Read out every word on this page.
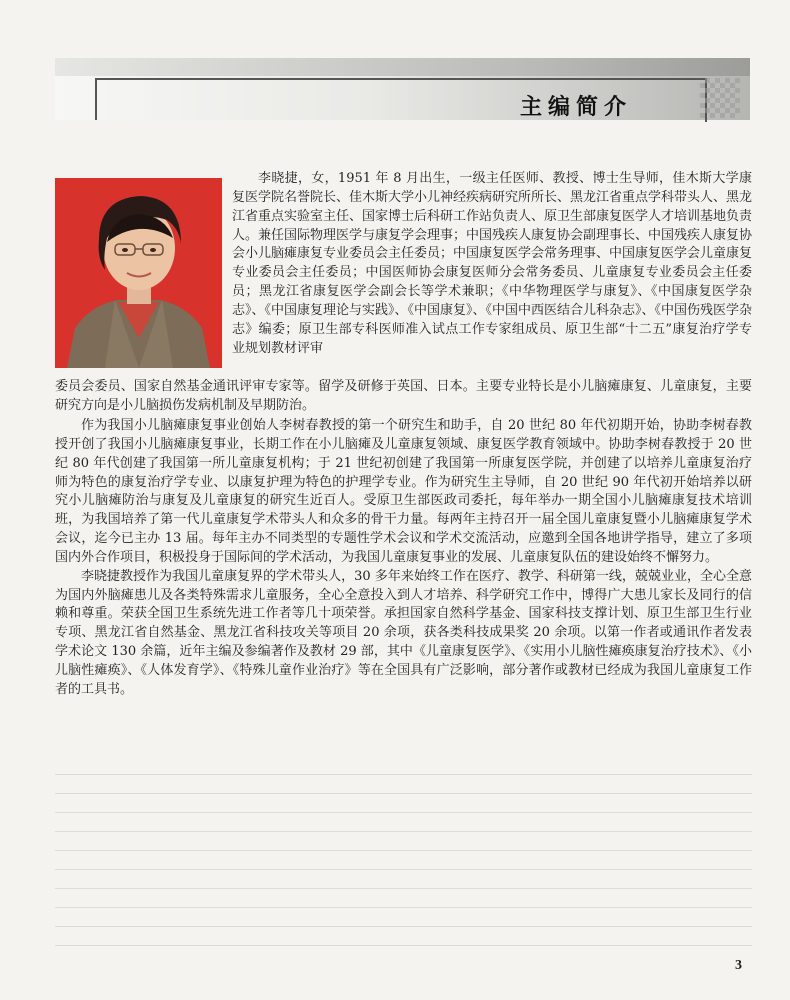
主编简介

李晓捷，女，1951 年 8 月出生，一级主任医师、教授、博士生导师，佳木斯大学康复医学院名誉院长、佳木斯大学小儿神经疾病研究所所长、黑龙江省重点学科带头人、黑龙江省重点实验室主任、国家博士后科研工作站负责人、原卫生部康复医学人才培训基地负责人。兼任国际物理医学与康复学会理事；中国残疾人康复协会副理事长、中国残疾人康复协会小儿脑瘫康复专业委员会主任委员；中国康复医学会常务理事、中国康复医学会儿童康复专业委员会主任委员；中国医师协会康复医师分会常务委员、儿童康复专业委员会主任委员；黑龙江省康复医学会副会长等学术兼职；《中华物理医学与康复》、《中国康复医学杂志》、《中国康复理论与实践》、《中国康复》、《中国中西医结合儿科杂志》、《中国伤残医学杂志》编委；原卫生部专科医师准入试点工作专家组成员、原卫生部“十二五”康复治疗学专业规划教材评审

委员会委员、国家自然基金通讯评审专家等。留学及研修于英国、日本。主要专业特长是小儿脑瘫康复、儿童康复，主要研究方向是小儿脑损伤发病机制及早期防治。

作为我国小儿脑瘫康复事业创始人李树春教授的第一个研究生和助手，自 20 世纪 80 年代初期开始，协助李树春教授开创了我国小儿脑瘫康复事业，长期工作在小儿脑瘫及儿童康复领域、康复医学教育领域中。协助李树春教授于 20 世纪 80 年代创建了我国第一所儿童康复机构；于 21 世纪初创建了我国第一所康复医学院，并创建了以培养儿童康复治疗师为特色的康复治疗学专业、以康复护理为特色的护理学专业。作为研究生主导师，自 20 世纪 90 年代初开始培养以研究小儿脑瘫防治与康复及儿童康复的研究生近百人。受原卫生部医政司委托，每年举办一期全国小儿脑瘫康复技术培训班，为我国培养了第一代儿童康复学术带头人和众多的骨干力量。每两年主持召开一届全国儿童康复暨小儿脑瘫康复学术会议，迄今已主办 13 届。每年主办不同类型的专题性学术会议和学术交流活动，应邀到全国各地讲学指导，建立了多项国内外合作项目，积极投身于国际间的学术活动，为我国儿童康复事业的发展、儿童康复队伍的建设始终不懈努力。

李晓捷教授作为我国儿童康复界的学术带头人，30 多年来始终工作在医疗、教学、科研第一线，兢兢业业，全心全意为国内外脑瘫患儿及各类特殊需求儿童服务，全心全意投入到人才培养、科学研究工作中，博得广大患儿家长及同行的信赖和尊重。荣获全国卫生系统先进工作者等几十项荣誉。承担国家自然科学基金、国家科技支撑计划、原卫生部卫生行业专项、黑龙江省自然基金、黑龙江省科技攻关等项目 20 余项，获各类科技成果奖 20 余项。以第一作者或通讯作者发表学术论文 130 余篇，近年主编及参编著作及教材 29 部，其中《儿童康复医学》、《实用小儿脑性瘫痪康复治疗技术》、《小儿脑性瘫痪》、《人体发育学》、《特殊儿童作业治疗》等在全国具有广泛影响，部分著作或教材已经成为我国儿童康复工作者的工具书。

3
